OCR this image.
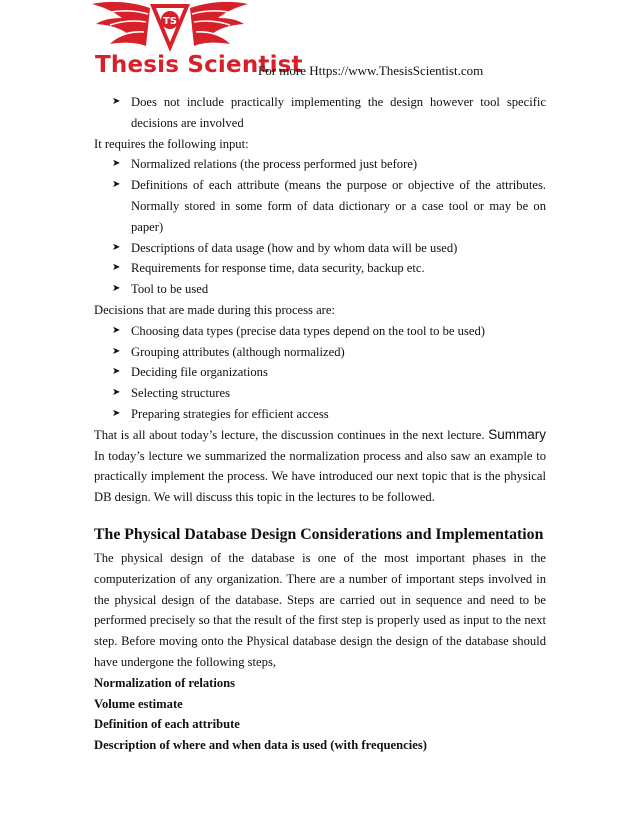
TS
Thesis Scientist
For more Https://www.ThesisScientist.com
➤ Does not include practically implementing the design however tool specific decisions are involved

It requires the following input:

➤ Normalized relations (the process performed just before)
➤ Definitions of each attribute (means the purpose or objective of the attributes. Normally stored in some form of data dictionary or a case tool or may be on paper)
➤ Descriptions of data usage (how and by whom data will be used)
➤ Requirements for response time, data security, backup etc.
➤ Tool to be used

Decisions that are made during this process are:

➤ Choosing data types (precise data types depend on the tool to be used)
➤ Grouping attributes (although normalized)
➤ Deciding file organizations
➤ Selecting structures
➤ Preparing strategies for efficient access

That is all about today’s lecture, the discussion continues in the next lecture. Summary In today’s lecture we summarized the normalization process and also saw an example to practically implement the process. We have introduced our next topic that is the physical DB design. We will discuss this topic in the lectures to be followed.

The Physical Database Design Considerations and Implementation

The physical design of the database is one of the most important phases in the computerization of any organization. There are a number of important steps involved in the physical design of the database. Steps are carried out in sequence and need to be performed precisely so that the result of the first step is properly used as input to the next step. Before moving onto the Physical database design the design of the database should have undergone the following steps,

Normalization of relations

Volume estimate

Definition of each attribute

Description of where and when data is used (with frequencies)
